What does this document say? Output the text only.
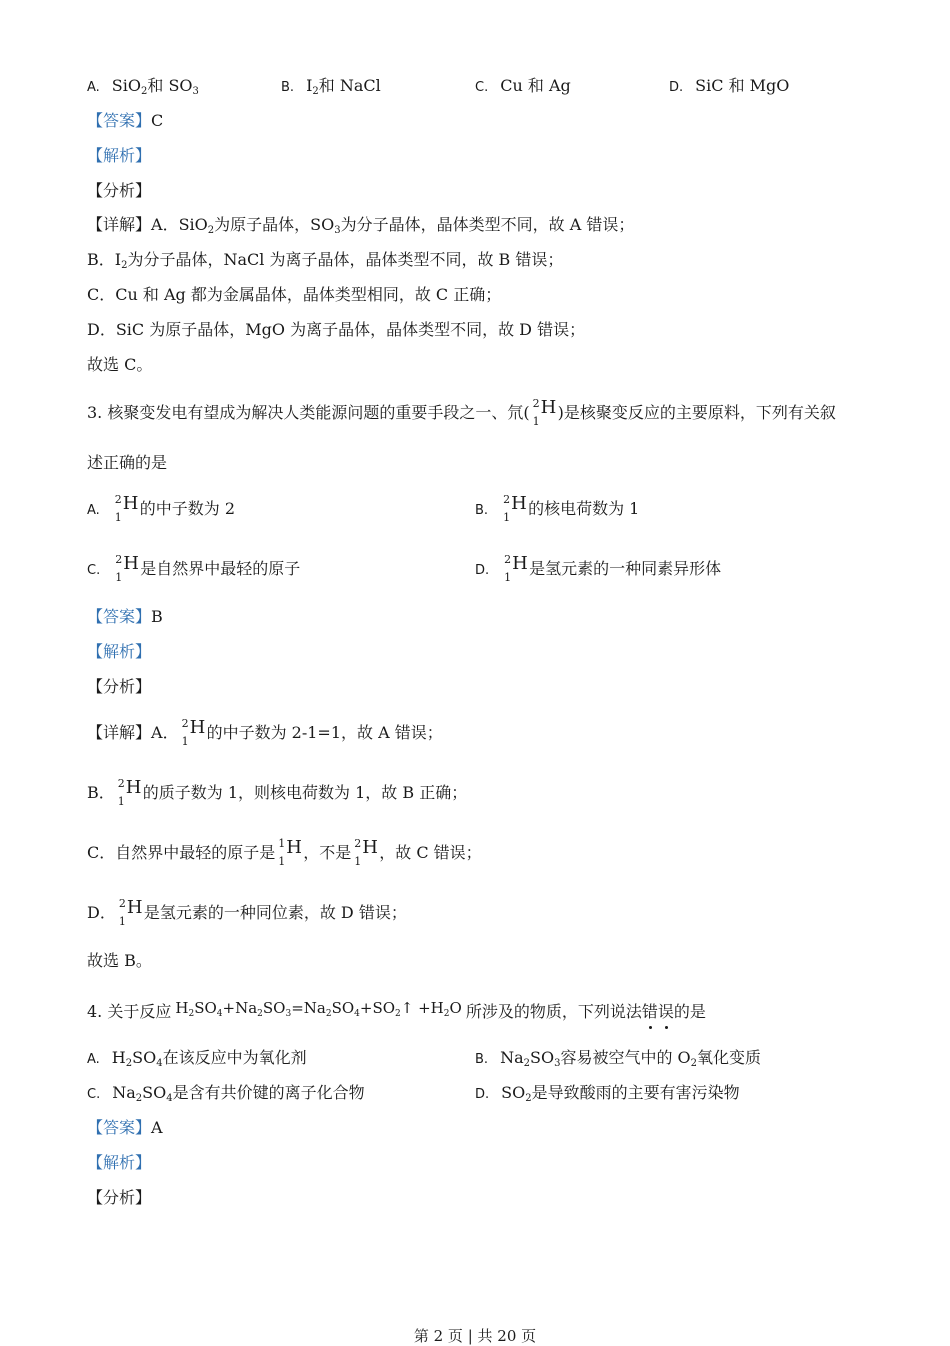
A. SiO$_2$和 $SO_3$	B. $I_2$和 NaCl	C. Cu 和 Ag	D. SiC 和 MgO
【答案】C
【解析】
【分析】
【详解】A．SiO$_2$为原子晶体，$SO_3$为分子晶体，晶体类型不同，故 A 错误；
B．$I_2$为分子晶体，NaCl 为离子晶体，晶体类型不同，故 B 错误；
C．Cu 和 Ag 都为金属晶体，晶体类型相同，故 C 正确；
D．SiC 为原子晶体，MgO 为离子晶体，晶体类型不同，故 D 错误；
故选 C。
3. 核聚变发电有望成为解决人类能源问题的重要手段之一、氘( 2
1
H )是核聚变反应的主要原料，下列有关叙
述正确的是
A.
2
1
H 的中子数为 2	B.
2
1
H 的核电荷数为 1
C.
2
1
H 是自然界中最轻的原子	D.
2
1
H 是氢元素的一种同素异形体
【答案】B
【解析】
【分析】
【详解】A． 2
1
H 的中子数为 2-1=1，故 A 错误；
B． 2
1
H 的质子数为 1，则核电荷数为 1，故 B 正确；
C．自然界中最轻的原子是 1
1
H ，不是 2
1
H ，故 C 错误；
D． 2
1
H 是氢元素的一种同位素，故 D 错误；
故选 B。
4. 关于反应 $H_2SO_4+Na_2SO_3=Na_2SO_4+SO_2↑ +H_2O$ 所涉及的物质，下列说法错误的是
A. $H_2SO_4$在该反应中为氧化剂	B. $Na_2SO_3$容易被空气中的 $O_2$氧化变质
C. $Na_2SO_4$是含有共价键的离子化合物	D. $SO_2$是导致酸雨的主要有害污染物
【答案】A
【解析】
【分析】
第 2 页 | 共 20 页
